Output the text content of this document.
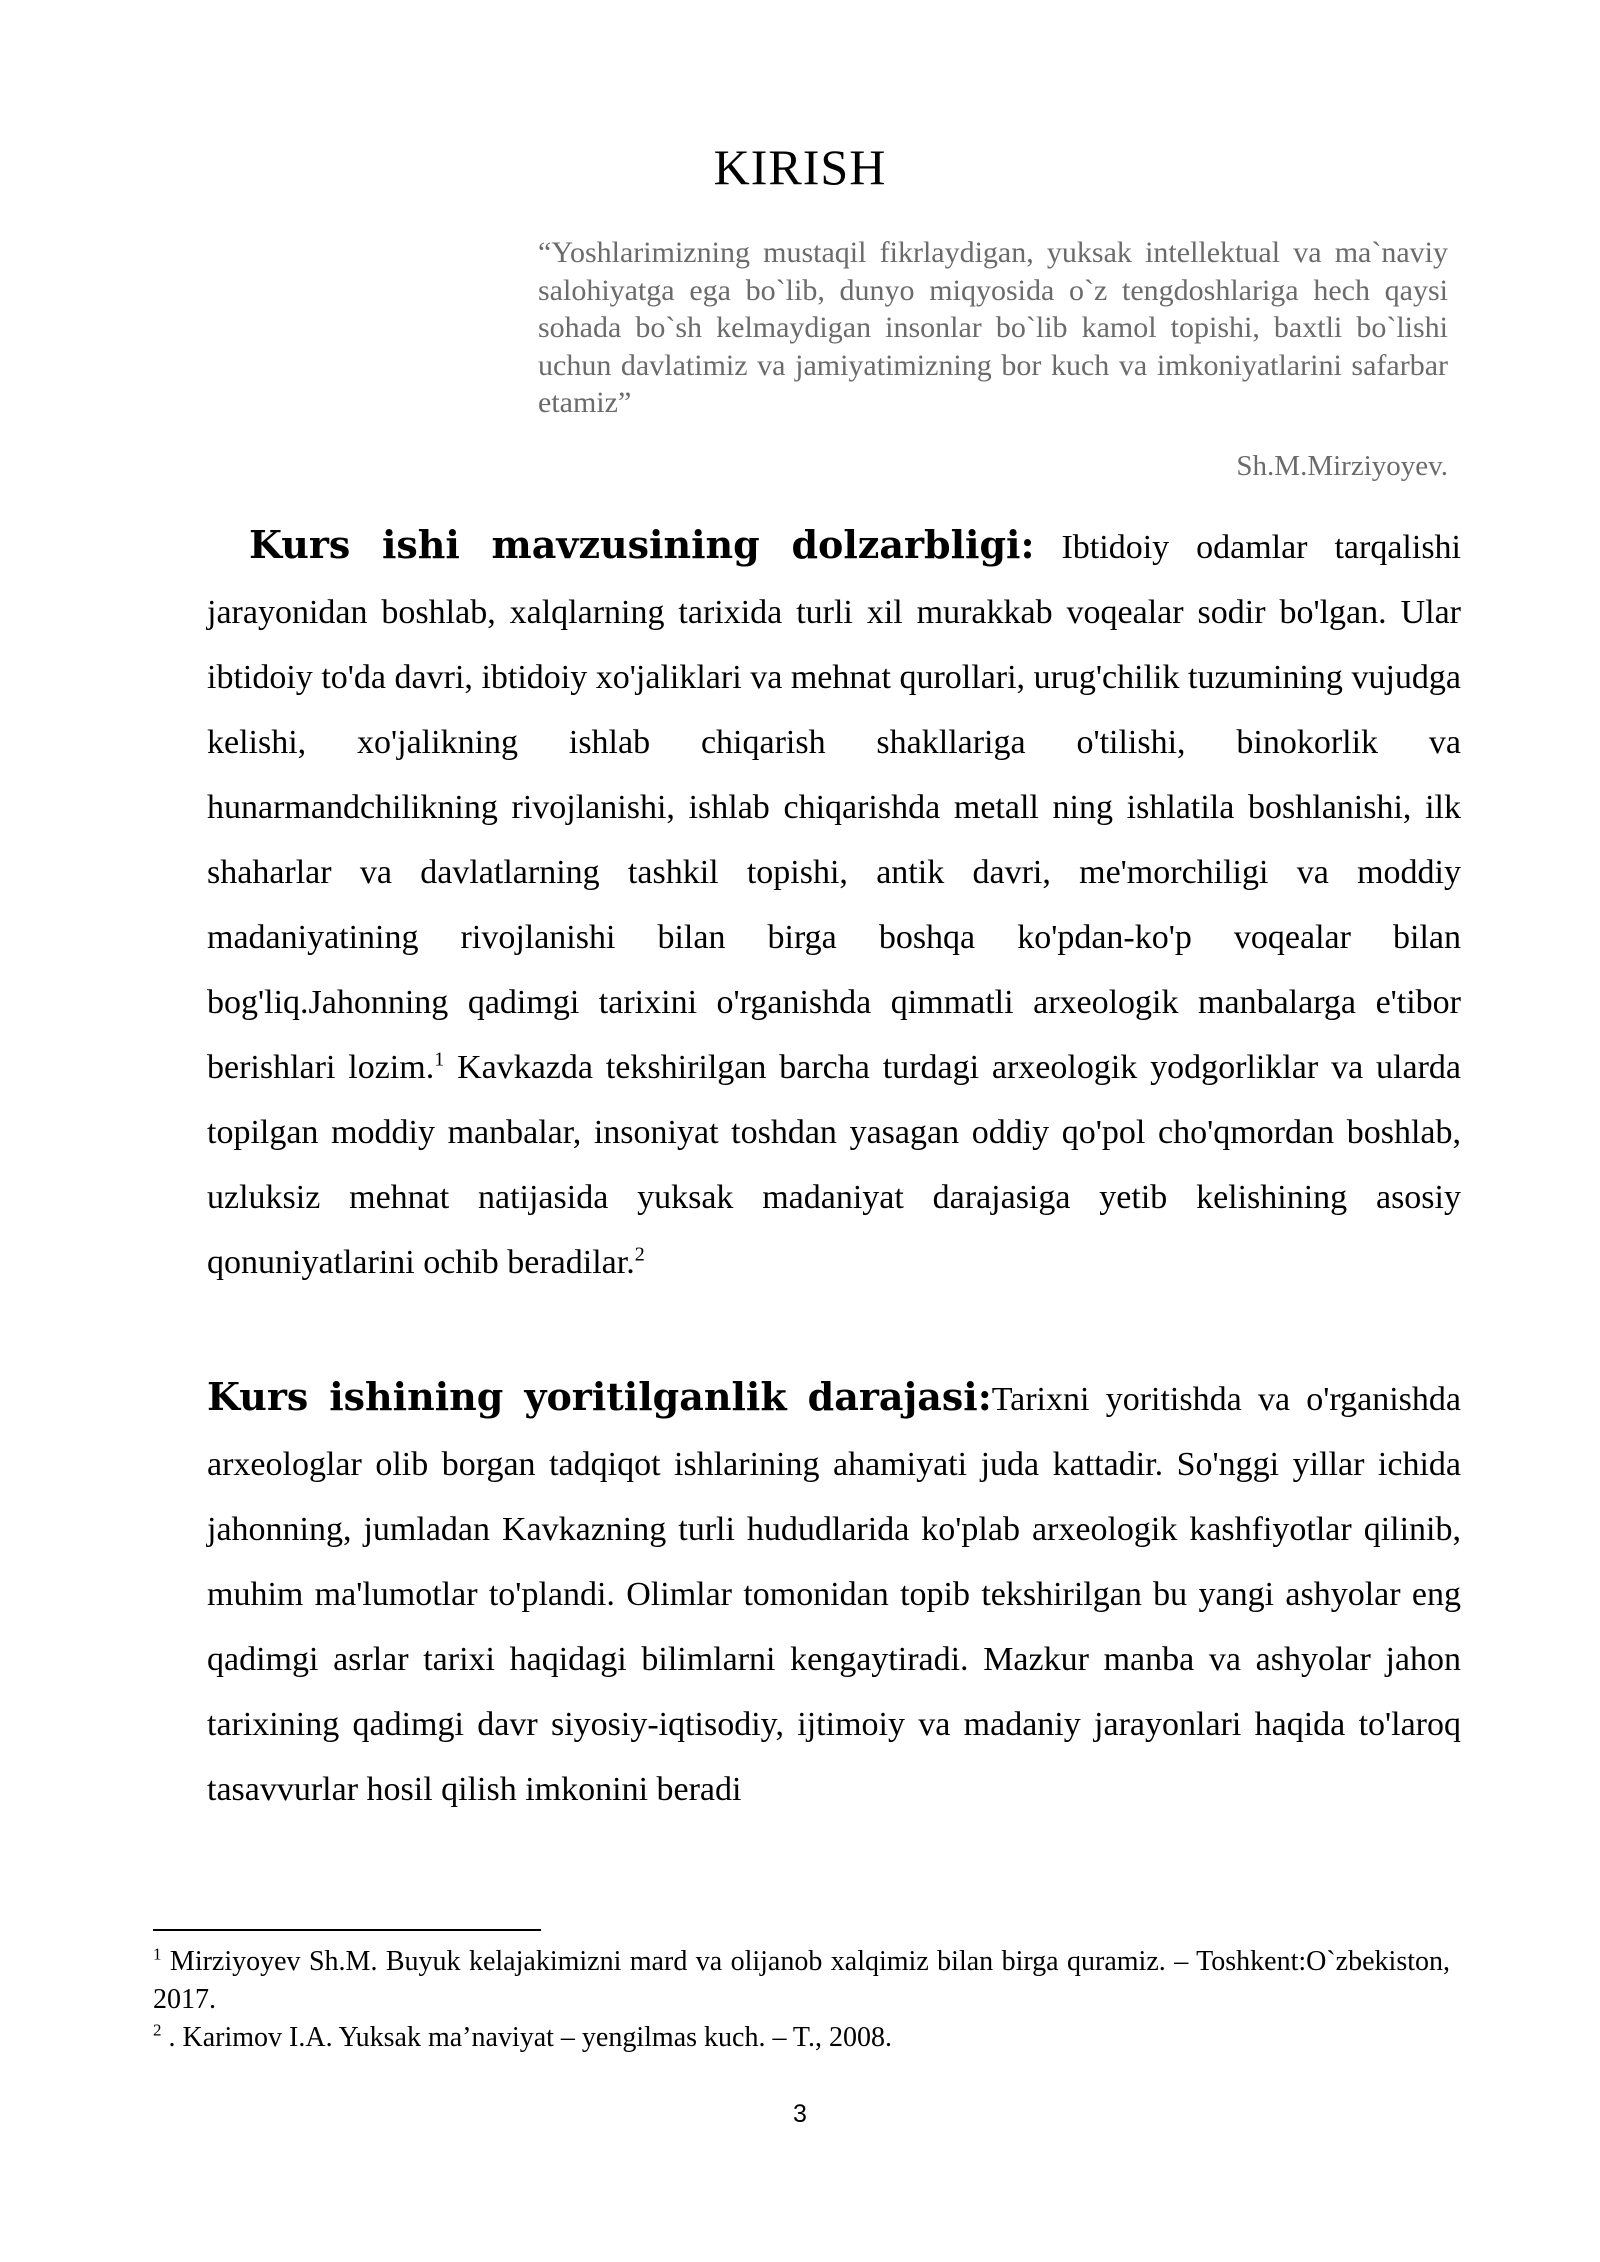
KIRISH
“Yoshlarimizning mustaqil fikrlaydigan, yuksak intellektual va ma`naviy salohiyatga ega bo`lib, dunyo miqyosida o`z tengdoshlariga hech qaysi sohada bo`sh kelmaydigan insonlar bo`lib kamol topishi, baxtli bo`lishi uchun davlatimiz va jamiyatimizning bor kuch va imkoniyatlarini safarbar etamiz”
Sh.M.Mirziyoyev.
Kurs ishi mavzusining dolzarbligi: Ibtidoiy odamlar tarqalishi jarayonidan boshlab, xalqlarning tarixida turli xil murakkab voqealar sodir bo'lgan. Ular ibtidoiy to'da davri, ibtidoiy xo'jaliklari va mehnat qurollari, urug'chilik tuzumining vujudga kelishi, xo'jalikning ishlab chiqarish shakllariga o'tilishi, binokorlik va hunarmandchilikning rivojlanishi, ishlab chiqarishda metall ning ishlatila boshlanishi, ilk shaharlar va davlatlarning tashkil topishi, antik davri, me'morchiligi va moddiy madaniyatining rivojlanishi bilan birga boshqa ko'pdan-ko'p voqealar bilan bog'liq.Jahonning qadimgi tarixini o'rganishda qimmatli arxeologik manbalarga e'tibor berishlari lozim.$^1$ Kavkazda tekshirilgan barcha turdagi arxeologik yodgorliklar va ularda topilgan moddiy manbalar, insoniyat toshdan yasagan oddiy qo'pol cho'qmordan boshlab, uzluksiz mehnat natijasida yuksak madaniyat darajasiga yetib kelishining asosiy qonuniyatlarini ochib beradilar.$^2$
Kurs ishining yoritilganlik darajasi:Tarixni yoritishda va o'rganishda arxeologlar olib borgan tadqiqot ishlarining ahamiyati juda kattadir. So'nggi yillar ichida jahonning, jumladan Kavkazning turli hududlarida ko'plab arxeologik kashfiyotlar qilinib, muhim ma'lumotlar to'plandi. Olimlar tomonidan topib tekshirilgan bu yangi ashyolar eng qadimgi asrlar tarixi haqidagi bilimlarni kengaytiradi. Mazkur manba va ashyolar jahon tarixining qadimgi davr siyosiy-iqtisodiy, ijtimoiy va madaniy jarayonlari haqida to'laroq tasavvurlar hosil qilish imkonini beradi

$^1$ Mirziyoyev Sh.M. Buyuk kelajakimizni mard va olijanob xalqimiz bilan birga quramiz. – Toshkent:O`zbekiston, 2017.

$^2$ . Karimov I.A. Yuksak ma’naviyat – yengilmas kuch. – T., 2008.

3
